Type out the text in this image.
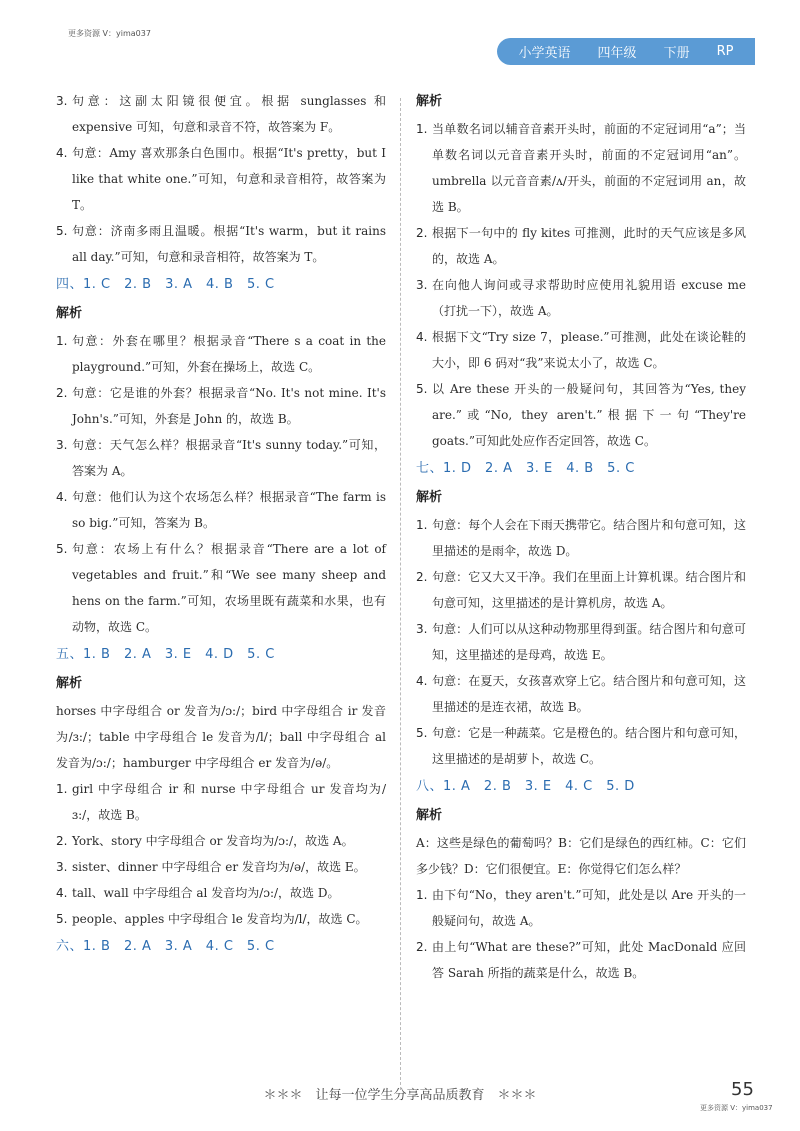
更多资源 V：yima037
小学英语 四年级 下册 RP
3. 句意：这副太阳镜很便宜。根据 sunglasses 和 expensive 可知，句意和录音不符，故答案为 F。
4. 句意：Amy 喜欢那条白色围巾。根据“It's pretty，but I like that white one.”可知，句意和录音相符，故答案为 T。
5. 句意：济南多雨且温暖。根据“It's warm，but it rains all day.”可知，句意和录音相符，故答案为 T。
四、1. C　2. B　3. A　4. B　5. C
解析
1. 句意：外套在哪里？根据录音“There s a coat in the playground.”可知，外套在操场上，故选 C。
2. 句意：它是谁的外套？根据录音“No. It's not mine. It's John's.”可知，外套是 John 的，故选 B。
3. 句意：天气怎么样？根据录音“It's sunny today.”可知，答案为 A。
4. 句意：他们认为这个农场怎么样？根据录音“The farm is so big.”可知，答案为 B。
5. 句意：农场上有什么？根据录音“There are a lot of vegetables and fruit.”和“We see many sheep and hens on the farm.”可知，农场里既有蔬菜和水果，也有动物，故选 C。
五、1. B　2. A　3. E　4. D　5. C
解析
horses 中字母组合 or 发音为/ɔ:/；bird 中字母组合 ir 发音为/ɜ:/；table 中字母组合 le 发音为/l/；ball 中字母组合 al 发音为/ɔ:/；hamburger 中字母组合 er 发音为/ə/。
1. girl 中字母组合 ir 和 nurse 中字母组合 ur 发音均为/ɜ:/，故选 B。
2. York、story 中字母组合 or 发音均为/ɔ:/，故选 A。
3. sister、dinner 中字母组合 er 发音均为/ə/，故选 E。
4. tall、wall 中字母组合 al 发音均为/ɔ:/，故选 D。
5. people、apples 中字母组合 le 发音均为/l/，故选 C。
六、1. B　2. A　3. A　4. C　5. C
解析
1. 当单数名词以辅音音素开头时，前面的不定冠词用“a”；当单数名词以元音音素开头时，前面的不定冠词用“an”。umbrella 以元音音素/ʌ/开头，前面的不定冠词用 an，故选 B。
2. 根据下一句中的 fly kites 可推测，此时的天气应该是多风的，故选 A。
3. 在向他人询问或寻求帮助时应使用礼貌用语 excuse me（打扰一下），故选 A。
4. 根据下文“Try size 7，please.”可推测，此处在谈论鞋的大小，即 6 码对“我”来说太小了，故选 C。
5. 以 Are these 开头的一般疑问句，其回答为“Yes, they are.”或“No, they aren't.”根据下一句“They're goats.”可知此处应作否定回答，故选 C。
七、1. D　2. A　3. E　4. B　5. C
解析
1. 句意：每个人会在下雨天携带它。结合图片和句意可知，这里描述的是雨伞，故选 D。
2. 句意：它又大又干净。我们在里面上计算机课。结合图片和句意可知，这里描述的是计算机房，故选 A。
3. 句意：人们可以从这种动物那里得到蛋。结合图片和句意可知，这里描述的是母鸡，故选 E。
4. 句意：在夏天，女孩喜欢穿上它。结合图片和句意可知，这里描述的是连衣裙，故选 B。
5. 句意：它是一种蔬菜。它是橙色的。结合图片和句意可知，这里描述的是胡萝卜，故选 C。
八、1. A　2. B　3. E　4. C　5. D
解析
A：这些是绿色的葡萄吗？B：它们是绿色的西红柿。C：它们多少钱？D：它们很便宜。E：你觉得它们怎么样？
1. 由下句“No，they aren't.”可知，此处是以 Are 开头的一般疑问句，故选 A。
2. 由上句“What are these?”可知，此处 MacDonald 应回答 Sarah 所指的蔬菜是什么，故选 B。
＊＊＊　让每一位学生分享高品质教育　＊＊＊	55
更多资源 V：yima037
